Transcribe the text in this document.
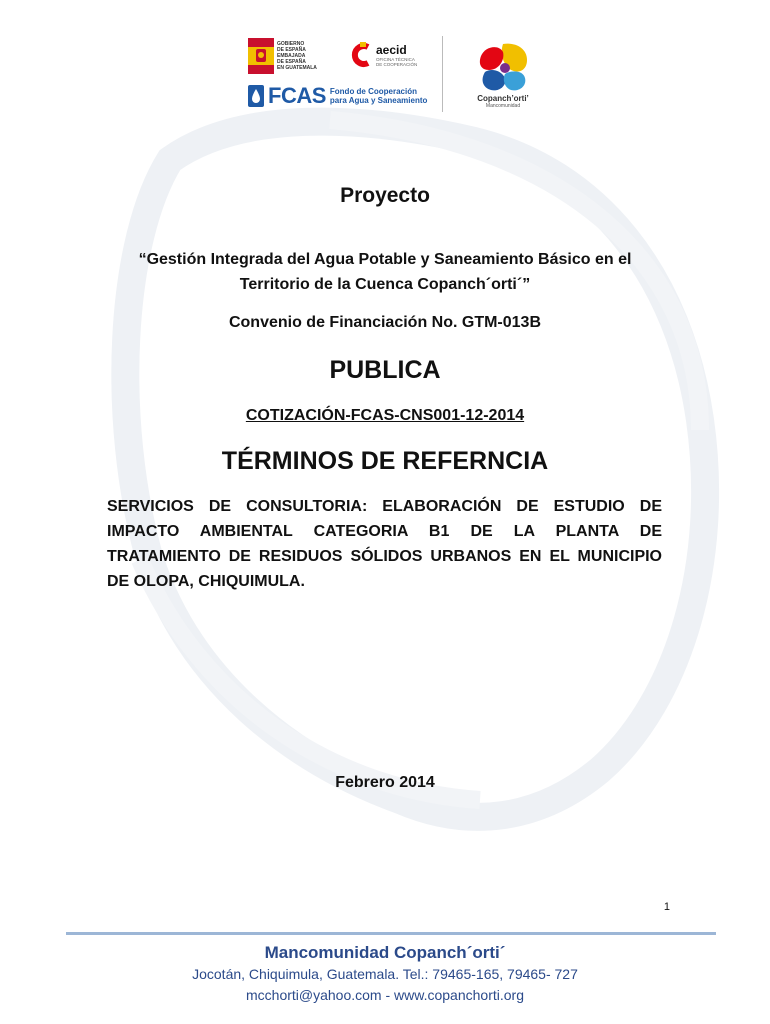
GOBIERNO
DE ESPAÑA
EMBAJADA
DE ESPAÑA
EN GUATEMALA
aecid
OFICINA TÉCNICA
DE COOPERACIÓN
FCAS Fondo de Cooperación
para Agua y Saneamiento	Copanch’orti’
Mancomunidad
Proyecto
“Gestión Integrada del Agua Potable y Saneamiento Básico en el
Territorio de la Cuenca Copanch´orti´”
Convenio de Financiación No. GTM-013B
PUBLICA
COTIZACIÓN-FCAS-CNS001-12-2014
TÉRMINOS DE REFERNCIA
SERVICIOS DE CONSULTORIA: ELABORACIÓN DE ESTUDIO DE IMPACTO AMBIENTAL CATEGORIA B1 DE LA PLANTA DE TRATAMIENTO DE RESIDUOS SÓLIDOS URBANOS EN EL MUNICIPIO DE OLOPA, CHIQUIMULA.
Febrero 2014
1
Mancomunidad Copanch´orti´
Jocotán, Chiquimula, Guatemala. Tel.: 79465-165, 79465- 727
mcchorti@yahoo.com - www.copanchorti.org
